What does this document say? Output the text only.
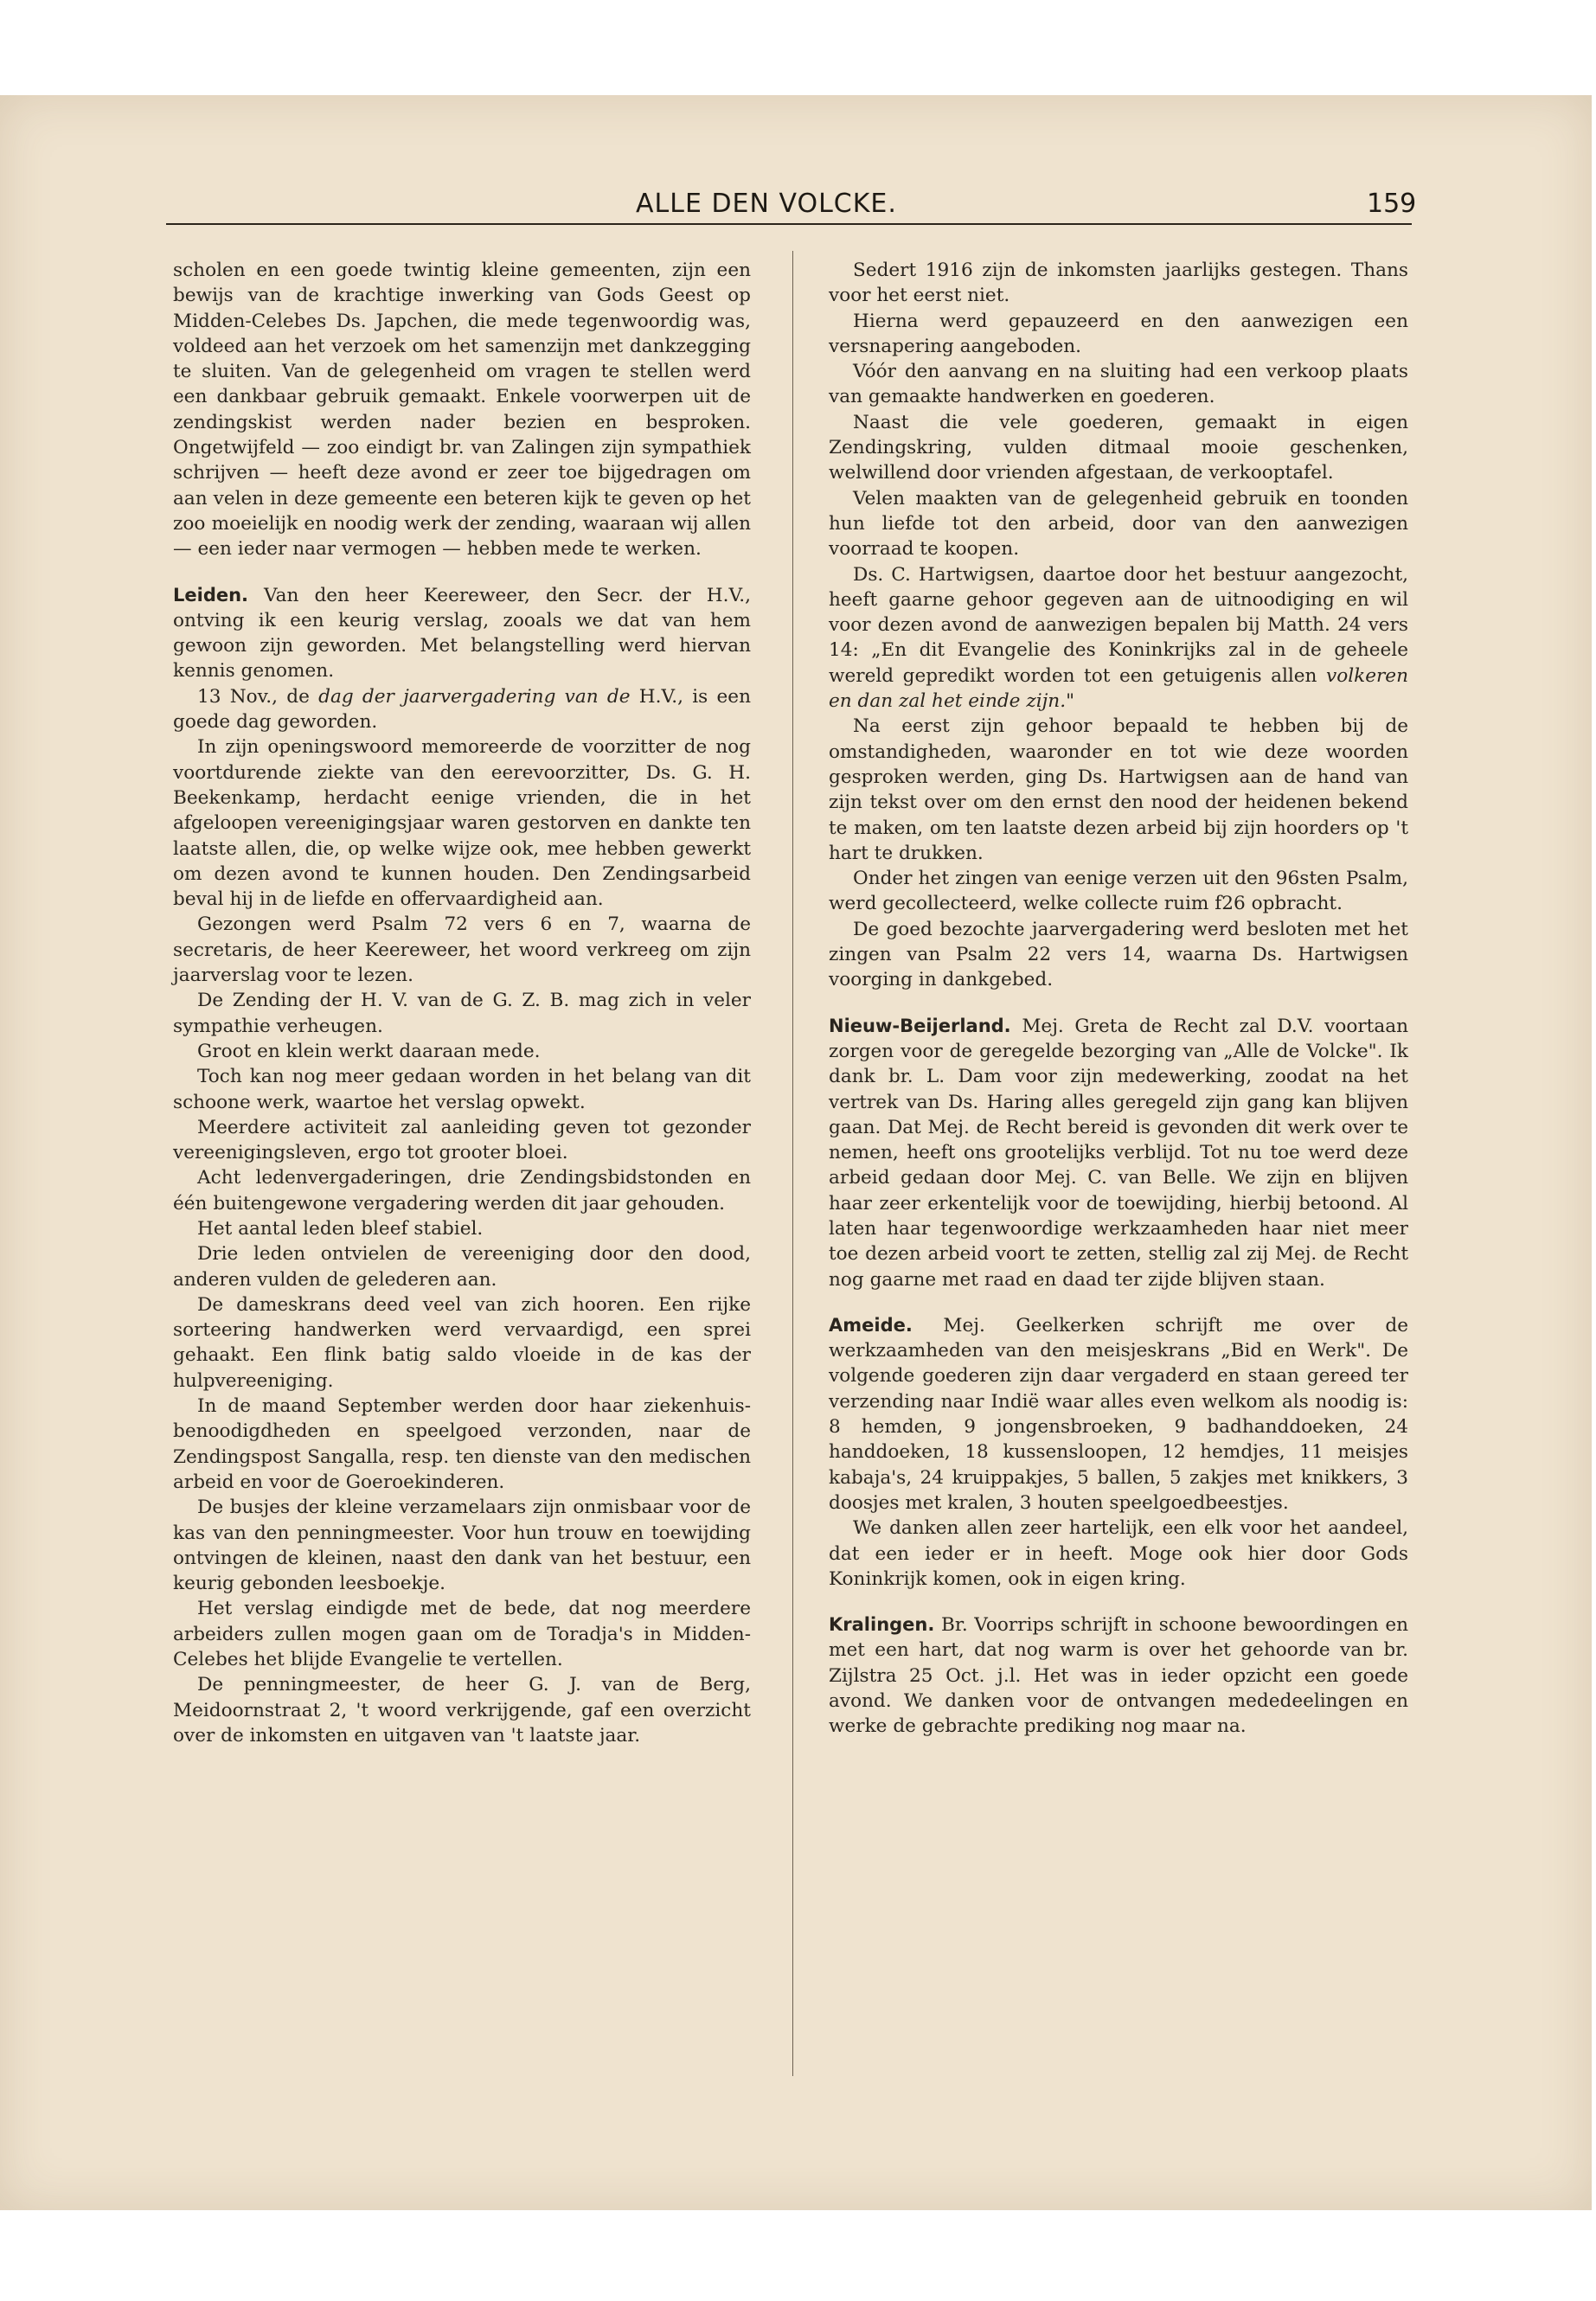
ALLE DEN VOLCKE.	159

scholen en een goede twintig kleine gemeenten, zijn een bewijs van de krachtige inwerking van Gods Geest op Midden-Celebes Ds. Japchen, die mede tegenwoordig was, voldeed aan het verzoek om het samenzijn met dankzegging te sluiten. Van de gelegenheid om vragen te stellen werd een dankbaar gebruik gemaakt. Enkele voorwerpen uit de zendingskist werden nader bezien en besproken. Ongetwijfeld — zoo eindigt br. van Zalingen zijn sympathiek schrijven — heeft deze avond er zeer toe bijgedragen om aan velen in deze gemeente een beteren kijk te geven op het zoo moeielijk en noodig werk der zending, waaraan wij allen — een ieder naar vermogen — hebben mede te werken.

Leiden. Van den heer Keereweer, den Secr. der H.V., ontving ik een keurig verslag, zooals we dat van hem gewoon zijn geworden. Met belangstelling werd hiervan kennis genomen.

13 Nov., de dag der jaarvergadering van de H.V., is een goede dag geworden.

In zijn openingswoord memoreerde de voorzitter de nog voortdurende ziekte van den eerevoorzitter, Ds. G. H. Beekenkamp, herdacht eenige vrienden, die in het afgeloopen vereenigingsjaar waren gestorven en dankte ten laatste allen, die, op welke wijze ook, mee hebben gewerkt om dezen avond te kunnen houden. Den Zendingsarbeid beval hij in de liefde en offervaardigheid aan.

Gezongen werd Psalm 72 vers 6 en 7, waarna de secretaris, de heer Keereweer, het woord verkreeg om zijn jaarverslag voor te lezen.

De Zending der H. V. van de G. Z. B. mag zich in veler sympathie verheugen.

Groot en klein werkt daaraan mede.

Toch kan nog meer gedaan worden in het belang van dit schoone werk, waartoe het verslag opwekt.

Meerdere activiteit zal aanleiding geven tot gezonder vereenigingsleven, ergo tot grooter bloei.

Acht ledenvergaderingen, drie Zendingsbidstonden en één buitengewone vergadering werden dit jaar gehouden.

Het aantal leden bleef stabiel.

Drie leden ontvielen de vereeniging door den dood, anderen vulden de gelederen aan.

De dameskrans deed veel van zich hooren. Een rijke sorteering handwerken werd vervaardigd, een sprei gehaakt. Een flink batig saldo vloeide in de kas der hulpvereeniging.

In de maand September werden door haar ziekenhuis-benoodigdheden en speelgoed verzonden, naar de Zendingspost Sangalla, resp. ten dienste van den medischen arbeid en voor de Goeroekinderen.

De busjes der kleine verzamelaars zijn onmisbaar voor de kas van den penningmeester. Voor hun trouw en toewijding ontvingen de kleinen, naast den dank van het bestuur, een keurig gebonden leesboekje.

Het verslag eindigde met de bede, dat nog meerdere arbeiders zullen mogen gaan om de Toradja's in Midden-Celebes het blijde Evangelie te vertellen.

De penningmeester, de heer G. J. van de Berg, Meidoornstraat 2, 't woord verkrijgende, gaf een overzicht over de inkomsten en uitgaven van 't laatste jaar.

Sedert 1916 zijn de inkomsten jaarlijks gestegen. Thans voor het eerst niet.

Hierna werd gepauzeerd en den aanwezigen een versnapering aangeboden.

Vóór den aanvang en na sluiting had een verkoop plaats van gemaakte handwerken en goederen.

Naast die vele goederen, gemaakt in eigen Zendingskring, vulden ditmaal mooie geschenken, welwillend door vrienden afgestaan, de verkooptafel.

Velen maakten van de gelegenheid gebruik en toonden hun liefde tot den arbeid, door van den aanwezigen voorraad te koopen.

Ds. C. Hartwigsen, daartoe door het bestuur aangezocht, heeft gaarne gehoor gegeven aan de uitnoodiging en wil voor dezen avond de aanwezigen bepalen bij Matth. 24 vers 14: „En dit Evangelie des Koninkrijks zal in de geheele wereld gepredikt worden tot een getuigenis allen volkeren en dan zal het einde zijn."

Na eerst zijn gehoor bepaald te hebben bij de omstandigheden, waaronder en tot wie deze woorden gesproken werden, ging Ds. Hartwigsen aan de hand van zijn tekst over om den ernst den nood der heidenen bekend te maken, om ten laatste dezen arbeid bij zijn hoorders op 't hart te drukken.

Onder het zingen van eenige verzen uit den 96sten Psalm, werd gecollecteerd, welke collecte ruim f26 opbracht.

De goed bezochte jaarvergadering werd besloten met het zingen van Psalm 22 vers 14, waarna Ds. Hartwigsen voorging in dankgebed.

Nieuw-Beijerland. Mej. Greta de Recht zal D.V. voortaan zorgen voor de geregelde bezorging van „Alle de Volcke". Ik dank br. L. Dam voor zijn medewerking, zoodat na het vertrek van Ds. Haring alles geregeld zijn gang kan blijven gaan. Dat Mej. de Recht bereid is gevonden dit werk over te nemen, heeft ons grootelijks verblijd. Tot nu toe werd deze arbeid gedaan door Mej. C. van Belle. We zijn en blijven haar zeer erkentelijk voor de toewijding, hierbij betoond. Al laten haar tegenwoordige werkzaamheden haar niet meer toe dezen arbeid voort te zetten, stellig zal zij Mej. de Recht nog gaarne met raad en daad ter zijde blijven staan.

Ameide. Mej. Geelkerken schrijft me over de werkzaamheden van den meisjeskrans „Bid en Werk". De volgende goederen zijn daar vergaderd en staan gereed ter verzending naar Indië waar alles even welkom als noodig is: 8 hemden, 9 jongensbroeken, 9 badhanddoeken, 24 handdoeken, 18 kussensloopen, 12 hemdjes, 11 meisjes kabaja's, 24 kruippakjes, 5 ballen, 5 zakjes met knikkers, 3 doosjes met kralen, 3 houten speelgoedbeestjes.

We danken allen zeer hartelijk, een elk voor het aandeel, dat een ieder er in heeft. Moge ook hier door Gods Koninkrijk komen, ook in eigen kring.

Kralingen. Br. Voorrips schrijft in schoone bewoordingen en met een hart, dat nog warm is over het gehoorde van br. Zijlstra 25 Oct. j.l. Het was in ieder opzicht een goede avond. We danken voor de ontvangen mededeelingen en werke de gebrachte prediking nog maar na.
